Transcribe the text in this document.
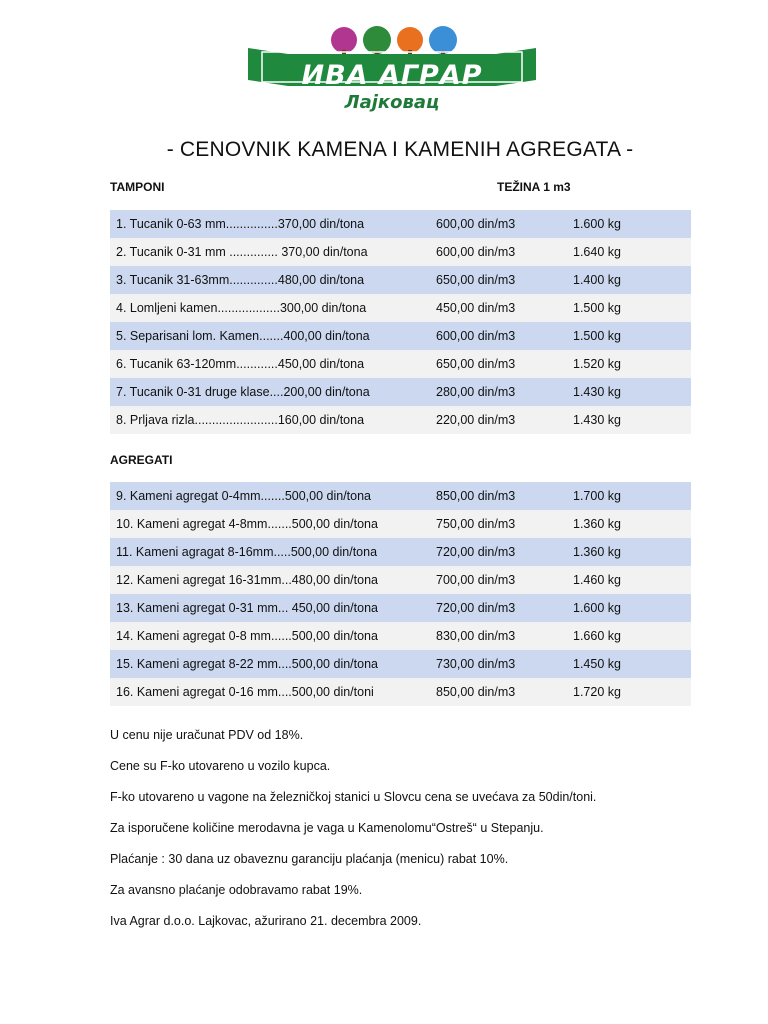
ИВА АГРАР
Лајковац
- CENOVNIK KAMENA I KAMENIH AGREGATA -
TAMPONI	TEŽINA 1 m3
1. Tucanik 0-63 mm...............370,00 din/tona	600,00 din/m3	1.600 kg
2. Tucanik 0-31 mm .............. 370,00 din/tona	600,00 din/m3	1.640 kg
3. Tucanik 31-63mm..............480,00 din/tona	650,00 din/m3	1.400 kg
4. Lomljeni kamen..................300,00 din/tona	450,00 din/m3	1.500 kg
5. Separisani lom. Kamen.......400,00 din/tona	600,00 din/m3	1.500 kg
6. Tucanik 63-120mm............450,00 din/tona	650,00 din/m3	1.520 kg
7. Tucanik 0-31 druge klase....200,00 din/tona	280,00 din/m3	1.430 kg
8. Prljava rizla........................160,00 din/tona	220,00 din/m3	1.430 kg
AGREGATI
9. Kameni agregat 0-4mm.......500,00 din/tona	850,00 din/m3	1.700 kg
10. Kameni agregat 4-8mm.......500,00 din/tona	750,00 din/m3	1.360 kg
11. Kameni agragat 8-16mm.....500,00 din/tona	720,00 din/m3	1.360 kg
12. Kameni agregat 16-31mm...480,00 din/tona	700,00 din/m3	1.460 kg
13. Kameni agregat 0-31 mm... 450,00 din/tona	720,00 din/m3	1.600 kg
14. Kameni agregat 0-8 mm......500,00 din/tona	830,00 din/m3	1.660 kg
15. Kameni agregat 8-22 mm....500,00 din/tona	730,00 din/m3	1.450 kg
16. Kameni agregat 0-16 mm....500,00 din/toni	850,00 din/m3	1.720 kg
U cenu nije uračunat PDV od 18%.
Cene su F-ko utovareno u vozilo kupca.
F-ko utovareno u vagone na železničkoj stanici u Slovcu cena se uvećava za 50din/toni.
Za isporučene količine merodavna je vaga u Kamenolomu“Ostreš“ u Stepanju.
Plaćanje : 30 dana uz obaveznu garanciju plaćanja (menicu) rabat 10%.
Za avansno plaćanje odobravamo rabat 19%.
Iva Agrar d.o.o. Lajkovac, ažurirano 21. decembra 2009.
